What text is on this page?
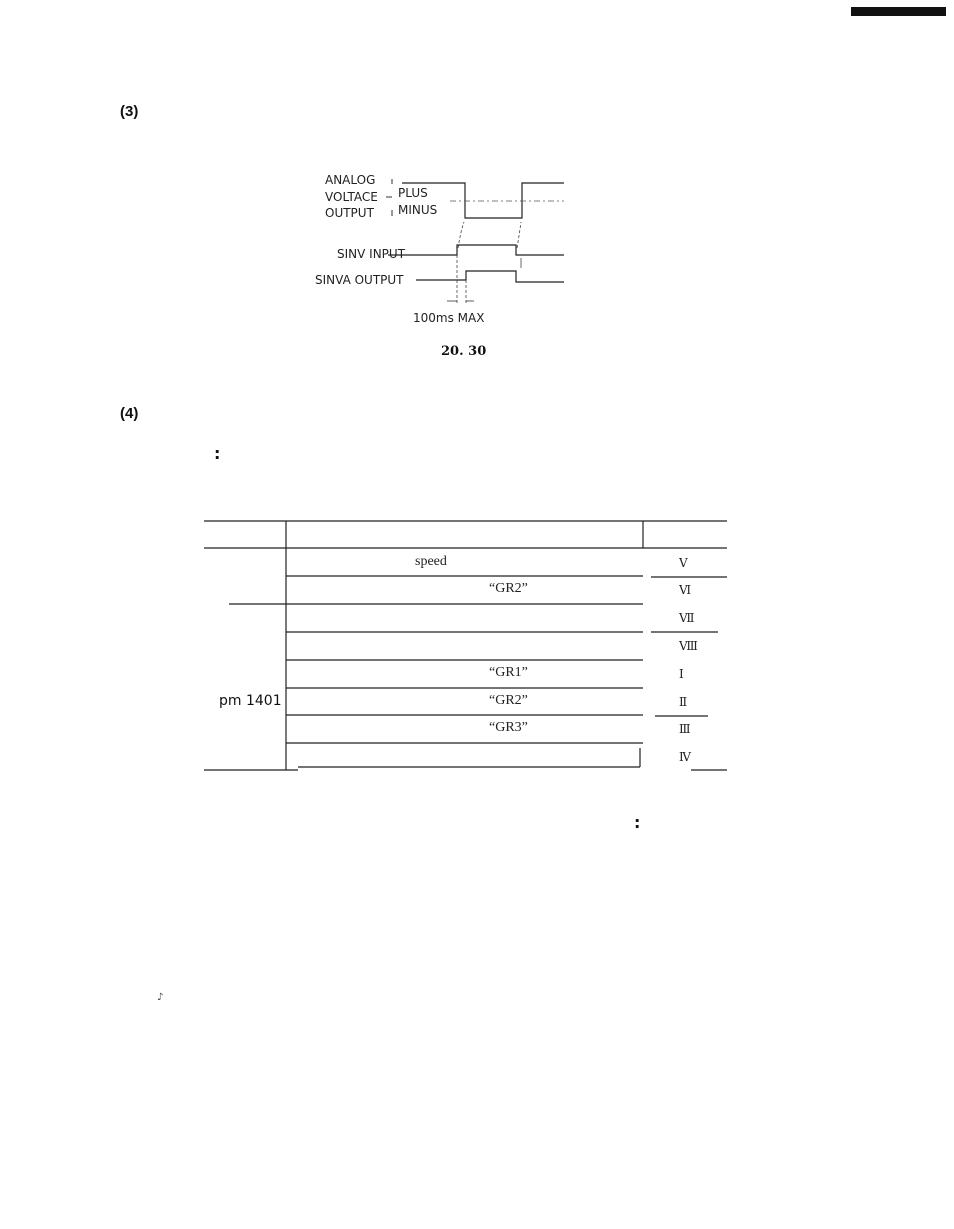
(3)
(4)
:
:
ANALOG
VOLTACE
OUTPUT
PLUS
MINUS
SINV INPUT
SINVA OUTPUT
100ms MAX
20. 30
pm 1401
speed
“GR2”
“GR1”
“GR2”
“GR3”
Ⅴ
Ⅵ
Ⅶ
Ⅷ
Ⅰ
Ⅱ
Ⅲ
Ⅳ
♪
